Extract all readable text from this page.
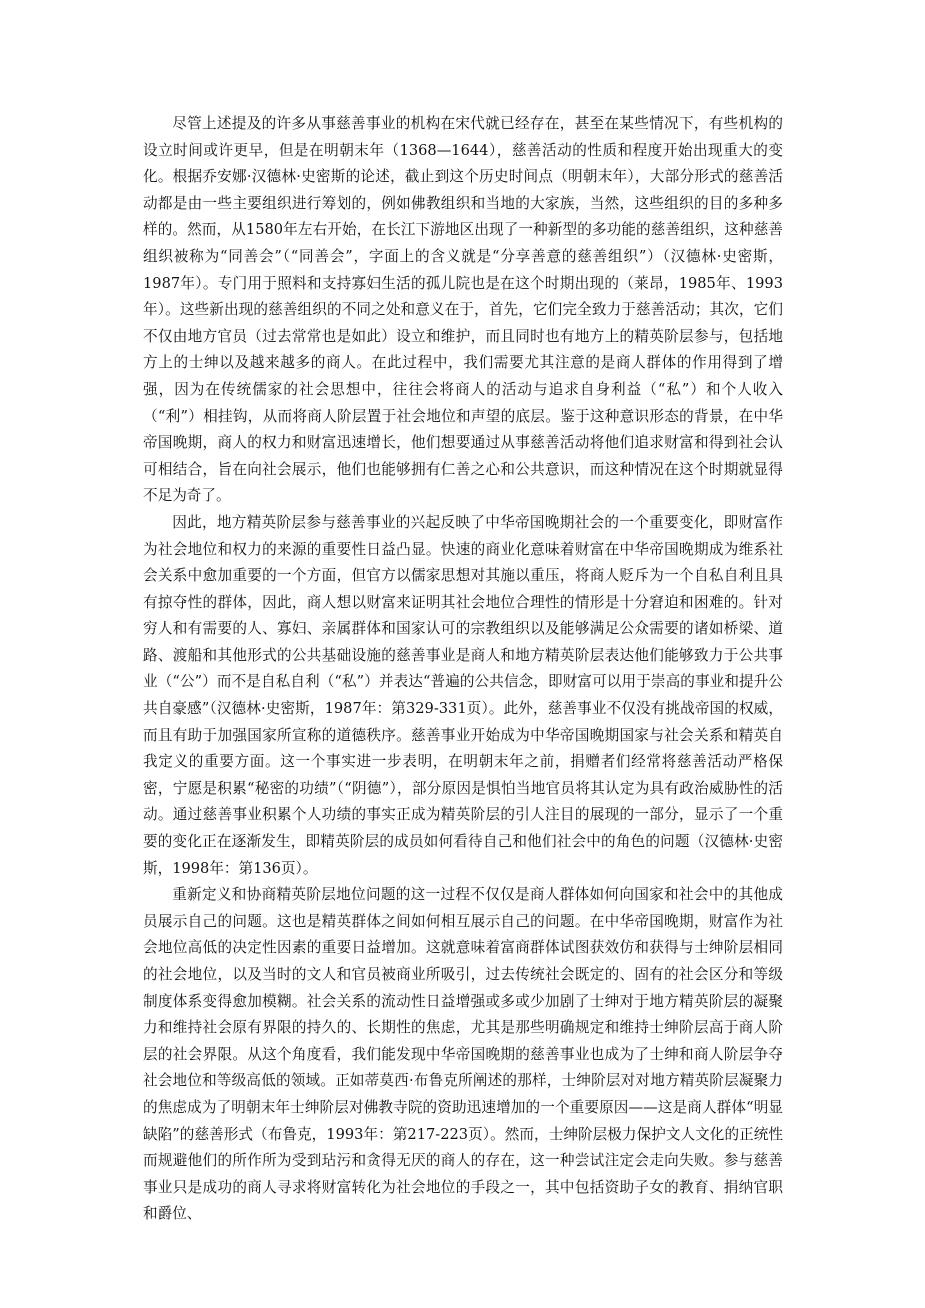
尽管上述提及的许多从事慈善事业的机构在宋代就已经存在，甚至在某些情况下，有些机构的设立时间或许更早，但是在明朝末年（1368—1644），慈善活动的性质和程度开始出现重大的变化。根据乔安娜·汉德林·史密斯的论述，截止到这个历史时间点（明朝末年），大部分形式的慈善活动都是由一些主要组织进行筹划的，例如佛教组织和当地的大家族，当然，这些组织的目的多种多样的。然而，从1580年左右开始，在长江下游地区出现了一种新型的多功能的慈善组织，这种慈善组织被称为“同善会”（“同善会”，字面上的含义就是“分享善意的慈善组织”）（汉德林·史密斯，1987年）。专门用于照料和支持寡妇生活的孤儿院也是在这个时期出现的（莱昂，1985年、1993年）。这些新出现的慈善组织的不同之处和意义在于，首先，它们完全致力于慈善活动；其次，它们不仅由地方官员（过去常常也是如此）设立和维护，而且同时也有地方上的精英阶层参与，包括地方上的士绅以及越来越多的商人。在此过程中，我们需要尤其注意的是商人群体的作用得到了增强，因为在传统儒家的社会思想中，往往会将商人的活动与追求自身利益（“私”）和个人收入（“利”）相挂钩，从而将商人阶层置于社会地位和声望的底层。鉴于这种意识形态的背景，在中华帝国晚期，商人的权力和财富迅速增长，他们想要通过从事慈善活动将他们追求财富和得到社会认可相结合，旨在向社会展示，他们也能够拥有仁善之心和公共意识，而这种情况在这个时期就显得不足为奇了。

因此，地方精英阶层参与慈善事业的兴起反映了中华帝国晚期社会的一个重要变化，即财富作为社会地位和权力的来源的重要性日益凸显。快速的商业化意味着财富在中华帝国晚期成为维系社会关系中愈加重要的一个方面，但官方以儒家思想对其施以重压，将商人贬斥为一个自私自利且具有掠夺性的群体，因此，商人想以财富来证明其社会地位合理性的情形是十分窘迫和困难的。针对穷人和有需要的人、寡妇、亲属群体和国家认可的宗教组织以及能够满足公众需要的诸如桥梁、道路、渡船和其他形式的公共基础设施的慈善事业是商人和地方精英阶层表达他们能够致力于公共事业（“公”）而不是自私自利（“私”）并表达“普遍的公共信念，即财富可以用于崇高的事业和提升公共自豪感”（汉德林·史密斯，1987年：第329-331页）。此外，慈善事业不仅没有挑战帝国的权威，而且有助于加强国家所宣称的道德秩序。慈善事业开始成为中华帝国晚期国家与社会关系和精英自我定义的重要方面。这一个事实进一步表明，在明朝末年之前，捐赠者们经常将慈善活动严格保密，宁愿是积累“秘密的功绩”（“阴德”），部分原因是惧怕当地官员将其认定为具有政治威胁性的活动。通过慈善事业积累个人功绩的事实正成为精英阶层的引人注目的展现的一部分，显示了一个重要的变化正在逐渐发生，即精英阶层的成员如何看待自己和他们社会中的角色的问题（汉德林·史密斯，1998年：第136页）。

重新定义和协商精英阶层地位问题的这一过程不仅仅是商人群体如何向国家和社会中的其他成员展示自己的问题。这也是精英群体之间如何相互展示自己的问题。在中华帝国晚期，财富作为社会地位高低的决定性因素的重要日益增加。这就意味着富商群体试图获效仿和获得与士绅阶层相同的社会地位，以及当时的文人和官员被商业所吸引，过去传统社会既定的、固有的社会区分和等级制度体系变得愈加模糊。社会关系的流动性日益增强或多或少加剧了士绅对于地方精英阶层的凝聚力和维持社会原有界限的持久的、长期性的焦虑，尤其是那些明确规定和维持士绅阶层高于商人阶层的社会界限。从这个角度看，我们能发现中华帝国晚期的慈善事业也成为了士绅和商人阶层争夺社会地位和等级高低的领域。正如蒂莫西·布鲁克所阐述的那样，士绅阶层对对地方精英阶层凝聚力的焦虑成为了明朝末年士绅阶层对佛教寺院的资助迅速增加的一个重要原因——这是商人群体“明显缺陷”的慈善形式（布鲁克，1993年：第217-223页）。然而，士绅阶层极力保护文人文化的正统性而规避他们的所作所为受到玷污和贪得无厌的商人的存在，这一种尝试注定会走向失败。参与慈善事业只是成功的商人寻求将财富转化为社会地位的手段之一，其中包括资助子女的教育、捐纳官职和爵位、
